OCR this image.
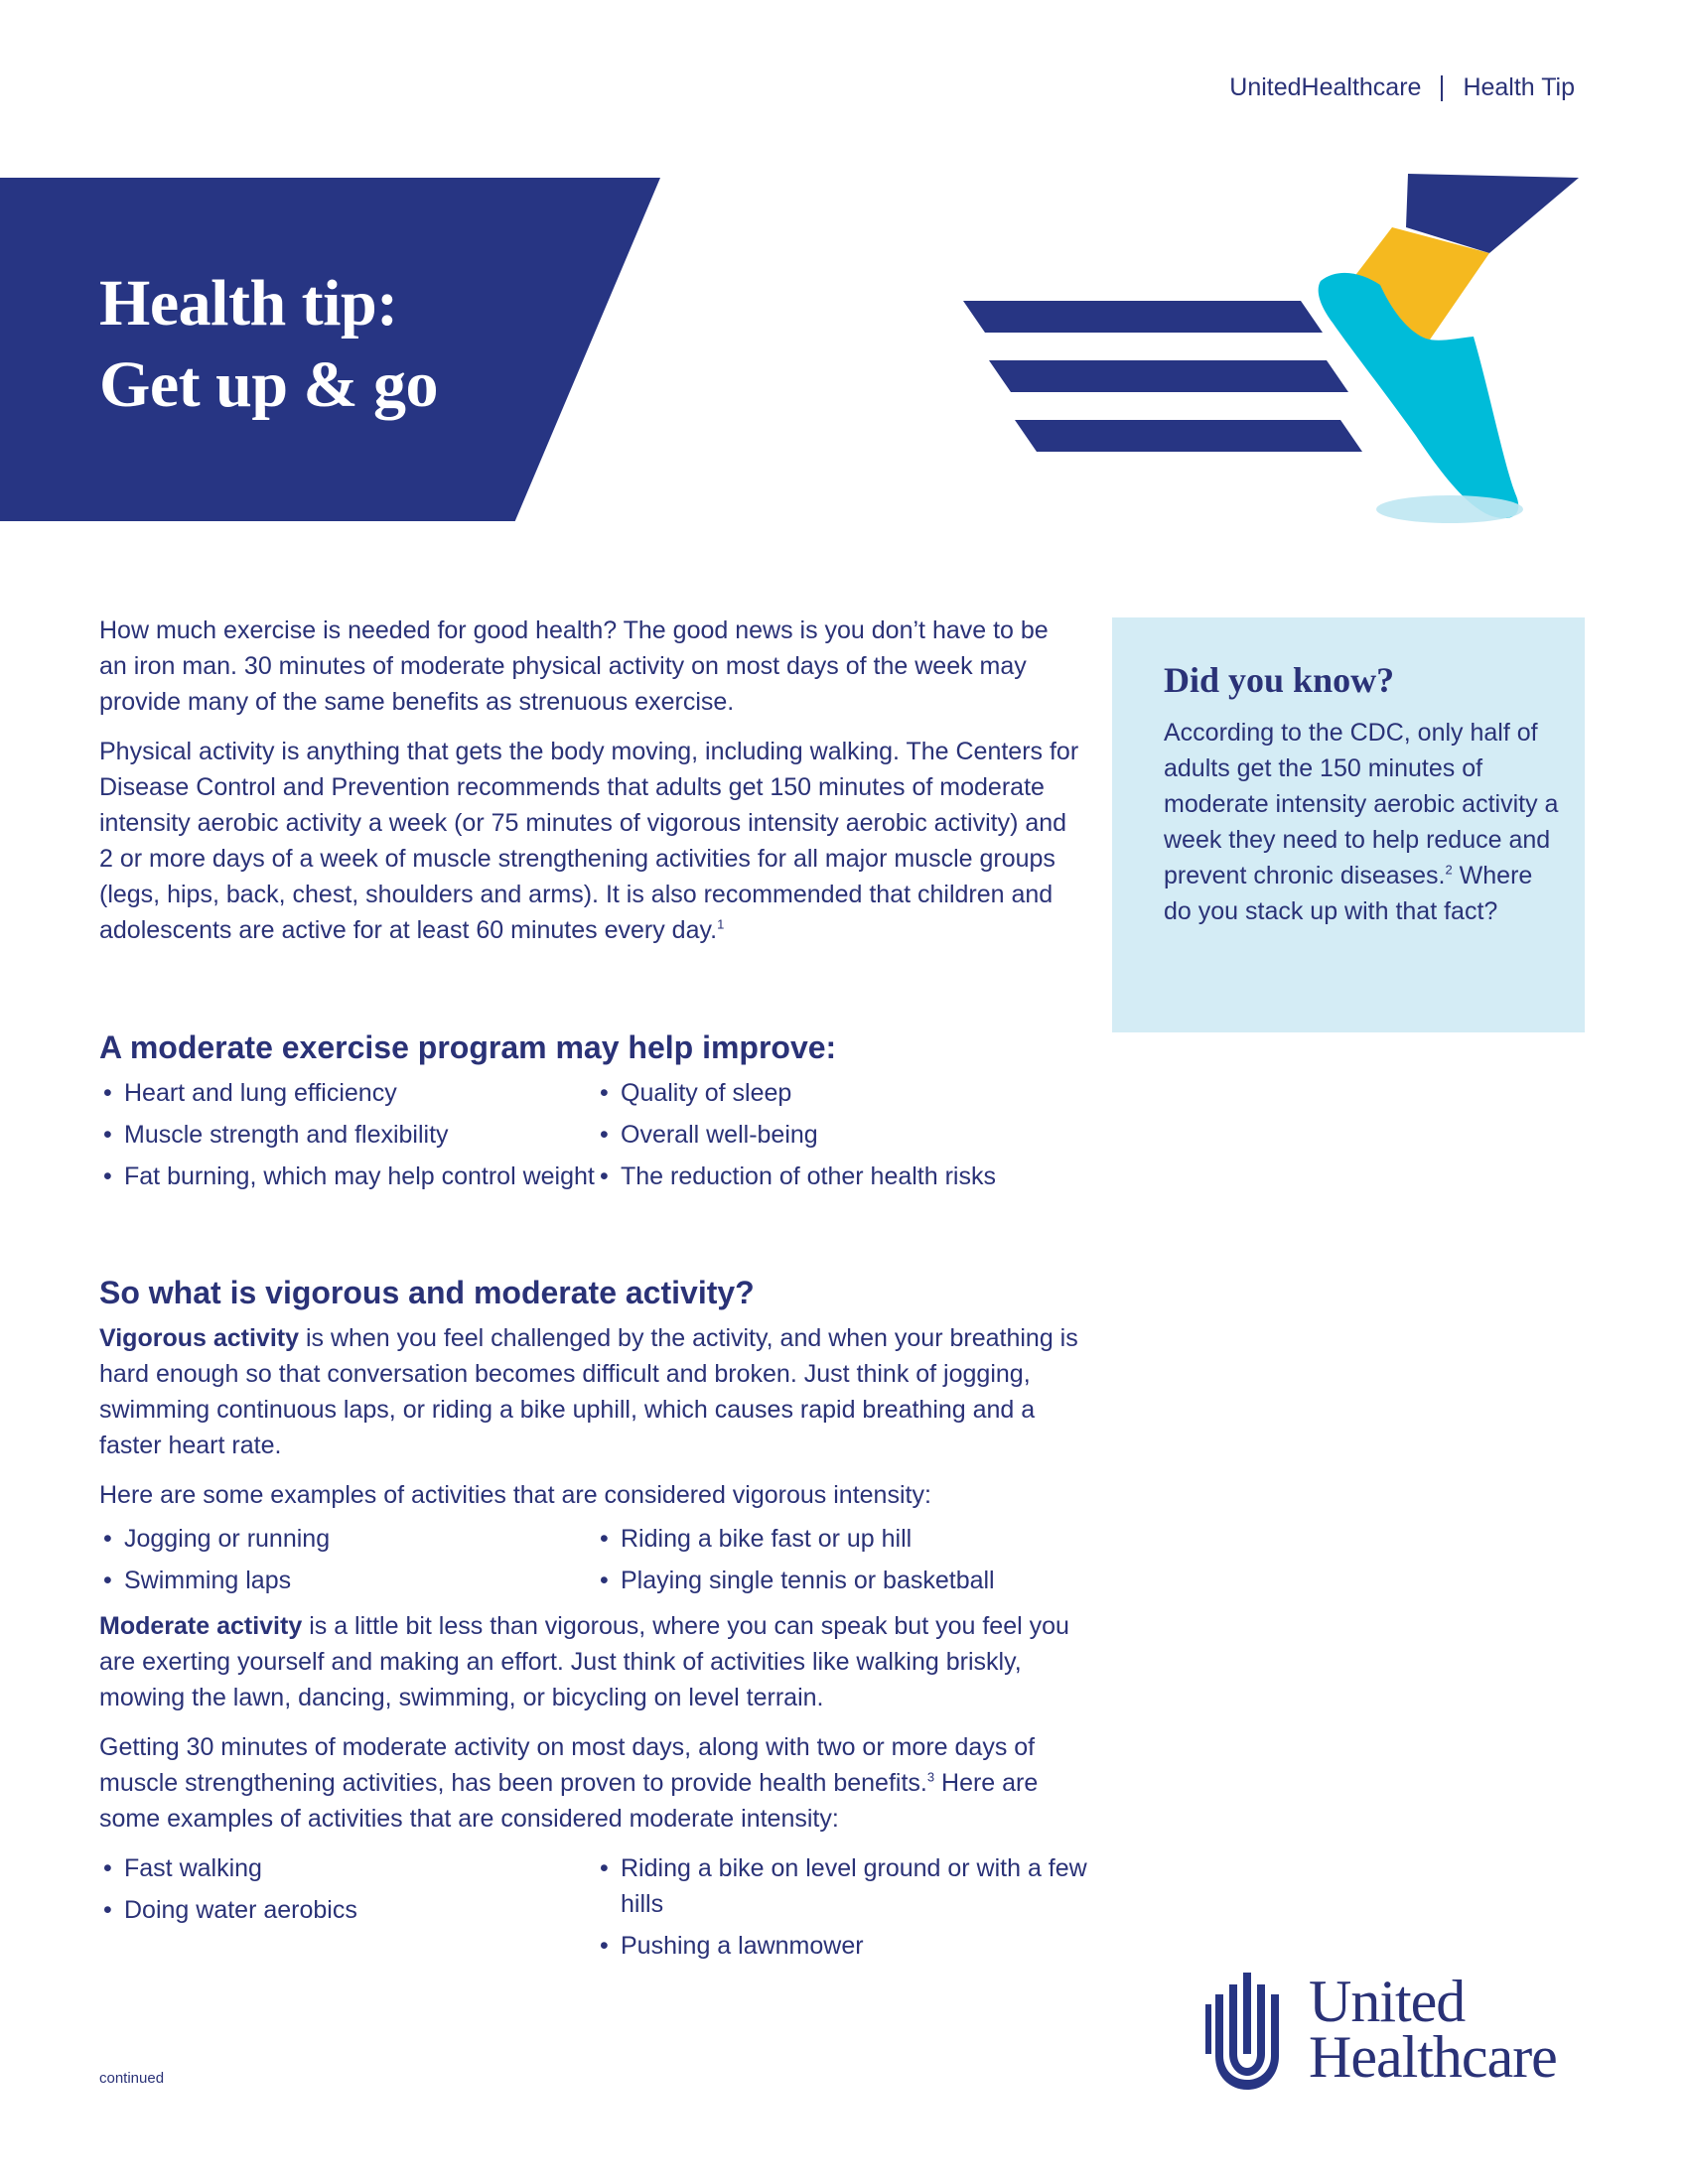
UnitedHealthcare Health Tip
Health tip:
Get up & go

How much exercise is needed for good health? The good news is you don’t have to be an iron man. 30 minutes of moderate physical activity on most days of the week may provide many of the same benefits as strenuous exercise.

Physical activity is anything that gets the body moving, including walking. The Centers for Disease Control and Prevention recommends that adults get 150 minutes of moderate intensity aerobic activity a week (or 75 minutes of vigorous intensity aerobic activity) and 2 or more days of a week of muscle strengthening activities for all major muscle groups (legs, hips, back, chest, shoulders and arms). It is also recommended that children and adolescents are active for at least 60 minutes every day.$^1$

Did you know?

According to the CDC, only half of adults get the 150 minutes of moderate intensity aerobic activity a week they need to help reduce and prevent chronic diseases.$^2$ Where do you stack up with that fact?

A moderate exercise program may help improve:
• Heart and lung efficiency
• Muscle strength and flexibility
• Fat burning, which may help control weight
• Quality of sleep
• Overall well-being
• The reduction of other health risks
So what is vigorous and moderate activity?

Vigorous activity is when you feel challenged by the activity, and when your breathing is hard enough so that conversation becomes difficult and broken. Just think of jogging, swimming continuous laps, or riding a bike uphill, which causes rapid breathing and a faster heart rate.

Here are some examples of activities that are considered vigorous intensity:

• Jogging or running
• Swimming laps
• Riding a bike fast or up hill
• Playing single tennis or basketball

Moderate activity is a little bit less than vigorous, where you can speak but you feel you are exerting yourself and making an effort. Just think of activities like walking briskly, mowing the lawn, dancing, swimming, or bicycling on level terrain.

Getting 30 minutes of moderate activity on most days, along with two or more days of muscle strengthening activities, has been proven to provide health benefits.$^3$ Here are some examples of activities that are considered moderate intensity:

• Fast walking
• Doing water aerobics
• Riding a bike on level ground or with a few hills
• Pushing a lawnmower
continued
United
Healthcare
